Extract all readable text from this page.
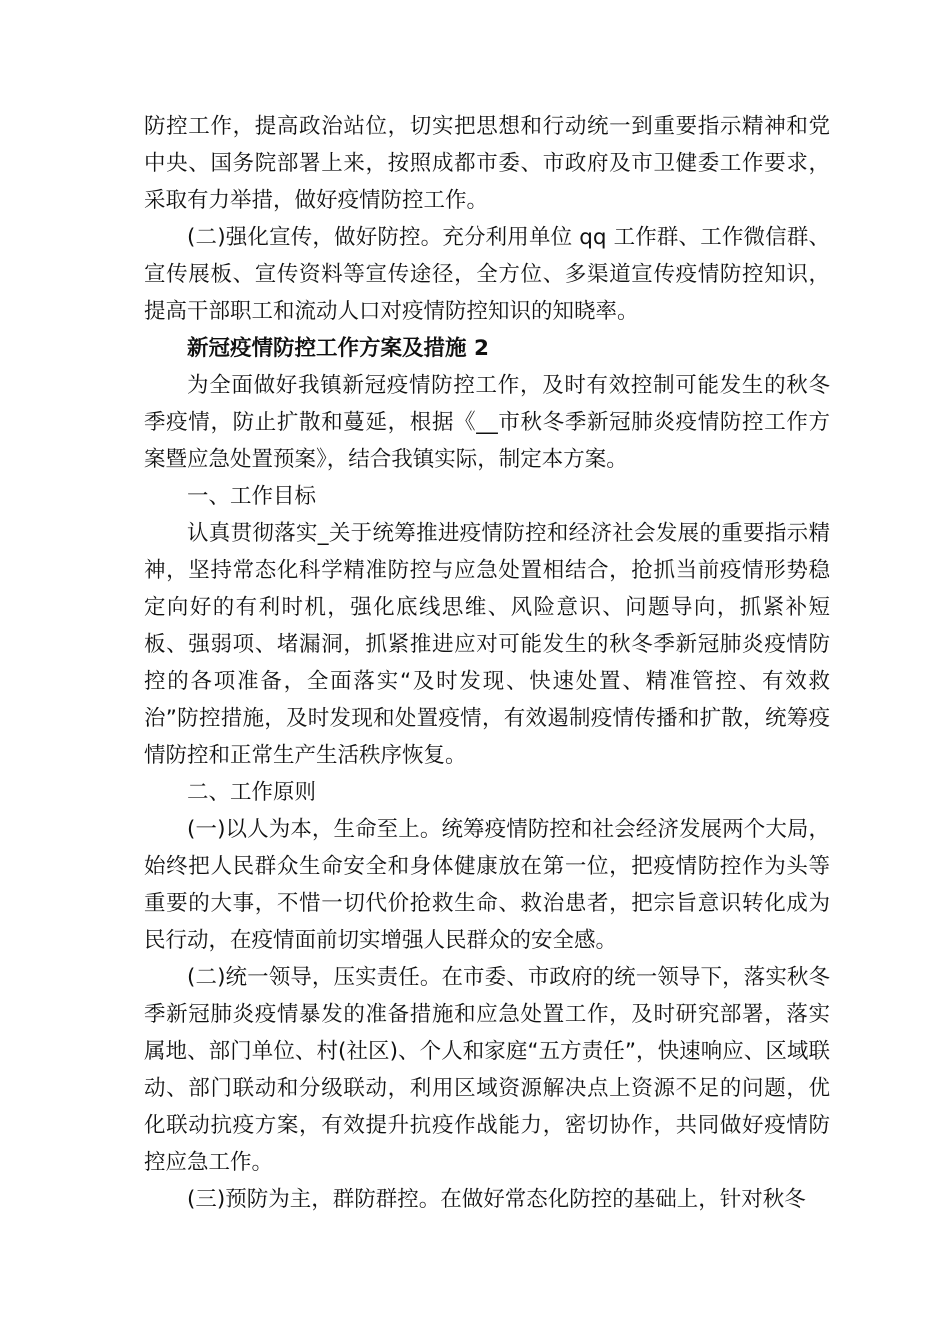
防控工作，提高政治站位，切实把思想和行动统一到重要指示精神和党中央、国务院部署上来，按照成都市委、市政府及市卫健委工作要求，采取有力举措，做好疫情防控工作。

(二)强化宣传，做好防控。充分利用单位 qq 工作群、工作微信群、宣传展板、宣传资料等宣传途径，全方位、多渠道宣传疫情防控知识，提高干部职工和流动人口对疫情防控知识的知晓率。

新冠疫情防控工作方案及措施 2

为全面做好我镇新冠疫情防控工作，及时有效控制可能发生的秋冬季疫情，防止扩散和蔓延，根据《__市秋冬季新冠肺炎疫情防控工作方案暨应急处置预案》，结合我镇实际，制定本方案。

一、工作目标

认真贯彻落实_关于统筹推进疫情防控和经济社会发展的重要指示精神，坚持常态化科学精准防控与应急处置相结合，抢抓当前疫情形势稳定向好的有利时机，强化底线思维、风险意识、问题导向，抓紧补短板、强弱项、堵漏洞，抓紧推进应对可能发生的秋冬季新冠肺炎疫情防控的各项准备，全面落实“及时发现、快速处置、精准管控、有效救治”防控措施，及时发现和处置疫情，有效遏制疫情传播和扩散，统筹疫情防控和正常生产生活秩序恢复。

二、工作原则

(一)以人为本，生命至上。统筹疫情防控和社会经济发展两个大局，始终把人民群众生命安全和身体健康放在第一位，把疫情防控作为头等重要的大事，不惜一切代价抢救生命、救治患者，把宗旨意识转化成为民行动，在疫情面前切实增强人民群众的安全感。

(二)统一领导，压实责任。在市委、市政府的统一领导下，落实秋冬季新冠肺炎疫情暴发的准备措施和应急处置工作，及时研究部署，落实属地、部门单位、村(社区)、个人和家庭“五方责任”，快速响应、区域联动、部门联动和分级联动，利用区域资源解决点上资源不足的问题，优化联动抗疫方案，有效提升抗疫作战能力，密切协作，共同做好疫情防控应急工作。

(三)预防为主，群防群控。在做好常态化防控的基础上，针对秋冬
